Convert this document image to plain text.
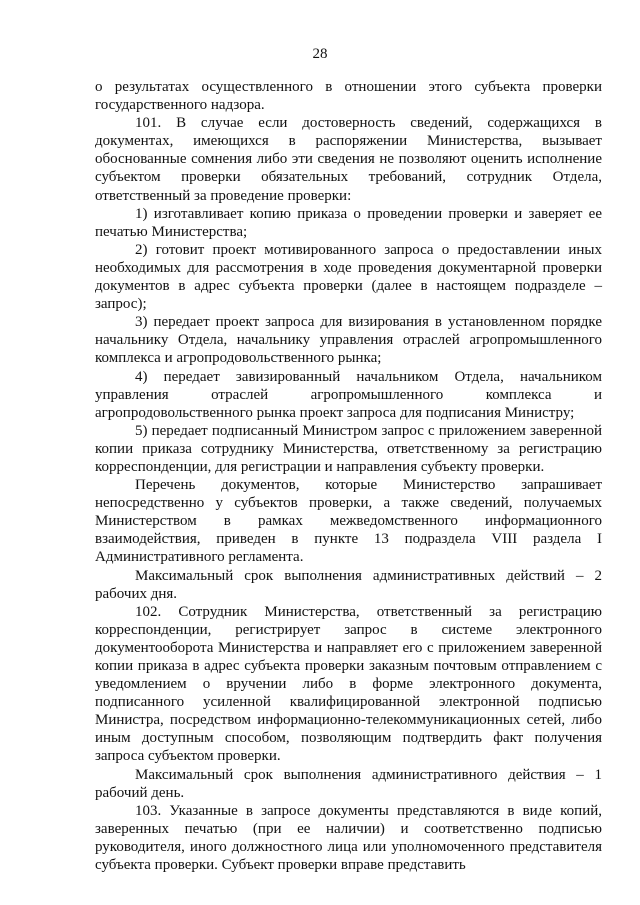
28

о результатах осуществленного в отношении этого субъекта проверки государственного надзора.

101. В случае если достоверность сведений, содержащихся в документах, имеющихся в распоряжении Министерства, вызывает обоснованные сомнения либо эти сведения не позволяют оценить исполнение субъектом проверки обязательных требований, сотрудник Отдела, ответственный за проведение проверки:

1) изготавливает копию приказа о проведении проверки и заверяет ее печатью Министерства;

2) готовит проект мотивированного запроса о предоставлении иных необходимых для рассмотрения в ходе проведения документарной проверки документов в адрес субъекта проверки (далее в настоящем подразделе – запрос);

3) передает проект запроса для визирования в установленном порядке начальнику Отдела, начальнику управления отраслей агропромышленного комплекса и агропродовольственного рынка;

4) передает завизированный начальником Отдела, начальником управления отраслей агропромышленного комплекса и агропродовольственного рынка проект запроса для подписания Министру;

5) передает подписанный Министром запрос с приложением заверенной копии приказа сотруднику Министерства, ответственному за регистрацию корреспонденции, для регистрации и направления субъекту проверки.

Перечень документов, которые Министерство запрашивает непосредственно у субъектов проверки, а также сведений, получаемых Министерством в рамках межведомственного информационного взаимодействия, приведен в пункте 13 подраздела VIII раздела I Административного регламента.

Максимальный срок выполнения административных действий – 2 рабочих дня.

102. Сотрудник Министерства, ответственный за регистрацию корреспонденции, регистрирует запрос в системе электронного документооборота Министерства и направляет его с приложением заверенной копии приказа в адрес субъекта проверки заказным почтовым отправлением с уведомлением о вручении либо в форме электронного документа, подписанного усиленной квалифицированной электронной подписью Министра, посредством информационно-телекоммуникационных сетей, либо иным доступным способом, позволяющим подтвердить факт получения запроса субъектом проверки.

Максимальный срок выполнения административного действия – 1 рабочий день.

103. Указанные в запросе документы представляются в виде копий, заверенных печатью (при ее наличии) и соответственно подписью руководителя, иного должностного лица или уполномоченного представителя субъекта проверки. Субъект проверки вправе представить
